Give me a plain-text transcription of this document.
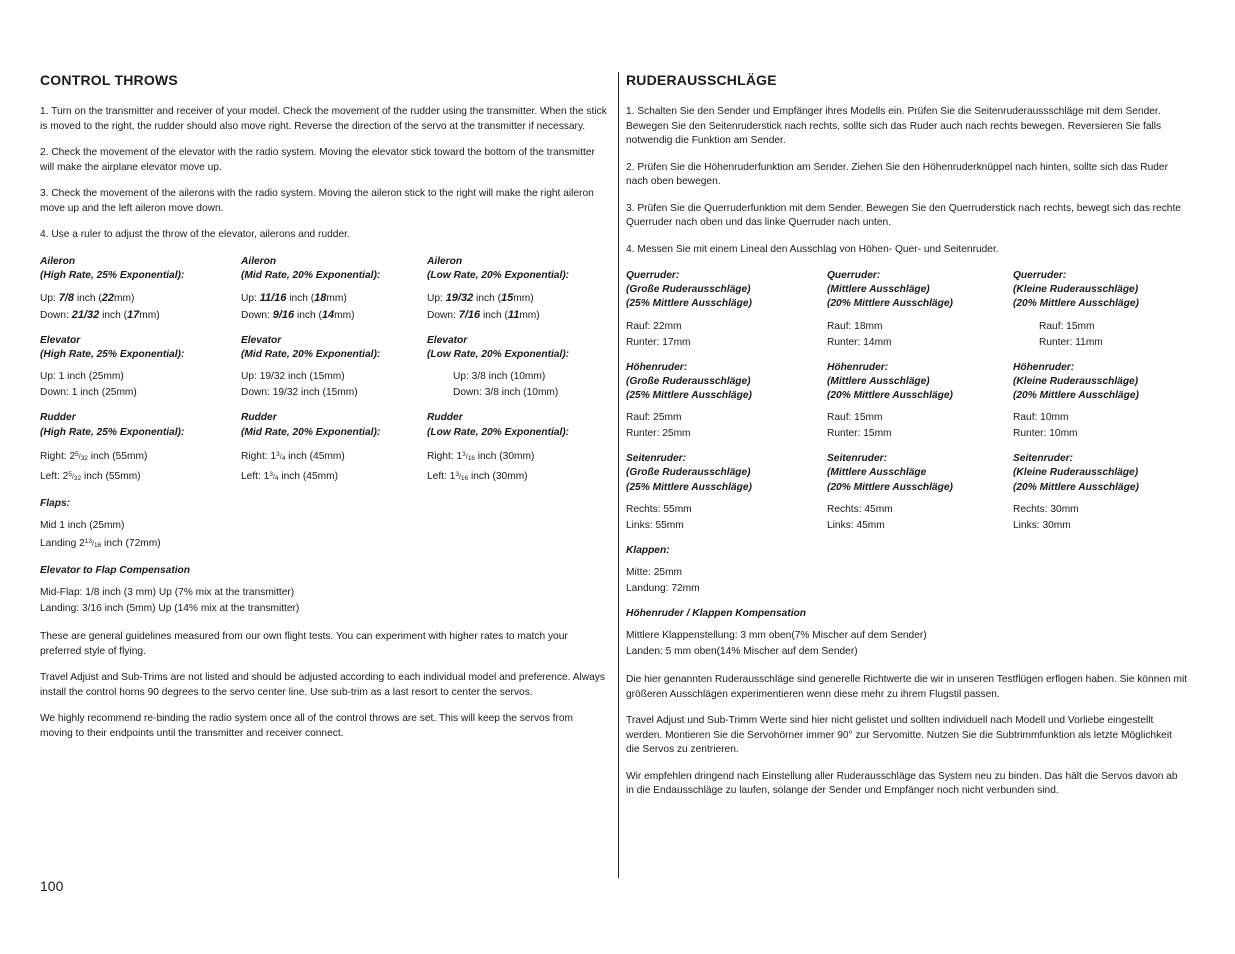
CONTROL THROWS

1. Turn on the transmitter and receiver of your model. Check the movement of the rudder using the transmitter. When the stick is moved to the right, the rudder should also move right. Reverse the direction of the servo at the transmitter if necessary.

2. Check the movement of the elevator with the radio system. Moving the elevator stick toward the bottom of the transmitter will make the airplane elevator move up.

3. Check the movement of the ailerons with the radio system. Moving the aileron stick to the right will make the right aileron move up and the left aileron move down.

4. Use a ruler to adjust the throw of the elevator, ailerons and rudder.

Aileron
(High Rate, 25% Exponential):
Up: 7/8 inch (22mm)
Down: 21/32 inch (17mm)
Aileron
(Mid Rate, 20% Exponential):
Up: 11/16 inch (18mm)
Down: 9/16 inch (14mm)
Aileron
(Low Rate, 20% Exponential):
Up: 19/32 inch (15mm)
Down: 7/16 inch (11mm)
Elevator
(High Rate, 25% Exponential):
Up: 1 inch (25mm)
Down: 1 inch (25mm)
Elevator
(Mid Rate, 20% Exponential):
Up: 19/32 inch (15mm)
Down: 19/32 inch (15mm)
Elevator
(Low Rate, 20% Exponential):
Up: 3/8 inch (10mm)
Down: 3/8 inch (10mm)
Rudder
(High Rate, 25% Exponential):
Right: $2^5/_{32}$ inch (55mm)
Left: $2^5/_{32}$ inch (55mm)
Rudder
(Mid Rate, 20% Exponential):
Right: $1^3/_4$ inch (45mm)
Left: $1^3/_4$ inch (45mm)
Rudder
(Low Rate, 20% Exponential):
Right: $1^3/_{16}$ inch (30mm)
Left: $1^3/_{16}$ inch (30mm)
Flaps:
Mid 1 inch (25mm)
Landing $2^{13}/_{16}$ inch (72mm)
Elevator to Flap Compensation
Mid-Flap: 1/8 inch (3 mm) Up (7% mix at the transmitter)
Landing: 3/16 inch (5mm) Up (14% mix at the transmitter)

These are general guidelines measured from our own flight tests. You can experiment with higher rates to match your preferred style of flying.

Travel Adjust and Sub-Trims are not listed and should be adjusted according to each individual model and preference. Always install the control horns 90 degrees to the servo center line. Use sub-trim as a last resort to center the servos.

We highly recommend re-binding the radio system once all of the control throws are set. This will keep the servos from moving to their endpoints until the transmitter and receiver connect.

RUDERAUSSCHLÄGE

1. Schalten Sie den Sender und Empfänger ihres Modells ein. Prüfen Sie die Seitenruderaussschläge mit dem Sender. Bewegen Sie den Seitenruderstick nach rechts, sollte sich das Ruder auch nach rechts bewegen. Reversieren Sie falls notwendig die Funktion am Sender.

2. Prüfen Sie die Höhenruderfunktion am Sender. Ziehen Sie den Höhenruderknüppel nach hinten, sollte sich das Ruder nach oben bewegen.

3. Prüfen Sie die Querruderfunktion mit dem Sender. Bewegen Sie den Querruderstick nach rechts, bewegt sich das rechte Querruder nach oben und das linke Querruder nach unten.

4. Messen Sie mit einem Lineal den Ausschlag von Höhen- Quer- und Seitenruder.

Querruder:
(Große Ruderausschläge)
(25% Mittlere Ausschläge)
Rauf: 22mm
Runter: 17mm
Querruder:
(Mittlere Ausschläge)
(20% Mittlere Ausschläge)
Rauf: 18mm
Runter: 14mm
Querruder:
(Kleine Ruderausschläge)
(20% Mittlere Ausschläge)
Rauf: 15mm
Runter: 11mm
Höhenruder:
(Große Ruderausschläge)
(25% Mittlere Ausschläge)
Rauf: 25mm
Runter: 25mm
Höhenruder:
(Mittlere Ausschläge)
(20% Mittlere Ausschläge)
Rauf: 15mm
Runter: 15mm
Höhenruder:
(Kleine Ruderausschläge)
(20% Mittlere Ausschläge)
Rauf: 10mm
Runter: 10mm
Seitenruder:
(Große Ruderausschläge)
(25% Mittlere Ausschläge)
Rechts: 55mm
Links: 55mm
Seitenruder:
(Mittlere Ausschläge
(20% Mittlere Ausschläge)
Rechts: 45mm
Links: 45mm
Seitenruder:
(Kleine Ruderausschläge)
(20% Mittlere Ausschläge)
Rechts: 30mm
Links: 30mm
Klappen:
Mitte: 25mm
Landung: 72mm
Höhenruder / Klappen Kompensation
Mittlere Klappenstellung: 3 mm oben(7% Mischer auf dem Sender)
Landen: 5 mm oben(14% Mischer auf dem Sender)

Die hier genannten Ruderausschläge sind generelle Richtwerte die wir in unseren Testflügen erflogen haben. Sie können mit größeren Ausschlägen experimentieren wenn diese mehr zu ihrem Flugstil passen.

Travel Adjust und Sub-Trimm Werte sind hier nicht gelistet und sollten individuell nach Modell und Vorliebe eingestellt werden. Montieren Sie die Servohörner immer 90° zur Servomitte. Nutzen Sie die Subtrimmfunktion als letzte Möglichkeit die Servos zu zentrieren.

Wir empfehlen dringend nach Einstellung aller Ruderausschläge das System neu zu binden. Das hält die Servos davon ab in die Endausschläge zu laufen, solange der Sender und Empfänger noch nicht verbunden sind.

100
